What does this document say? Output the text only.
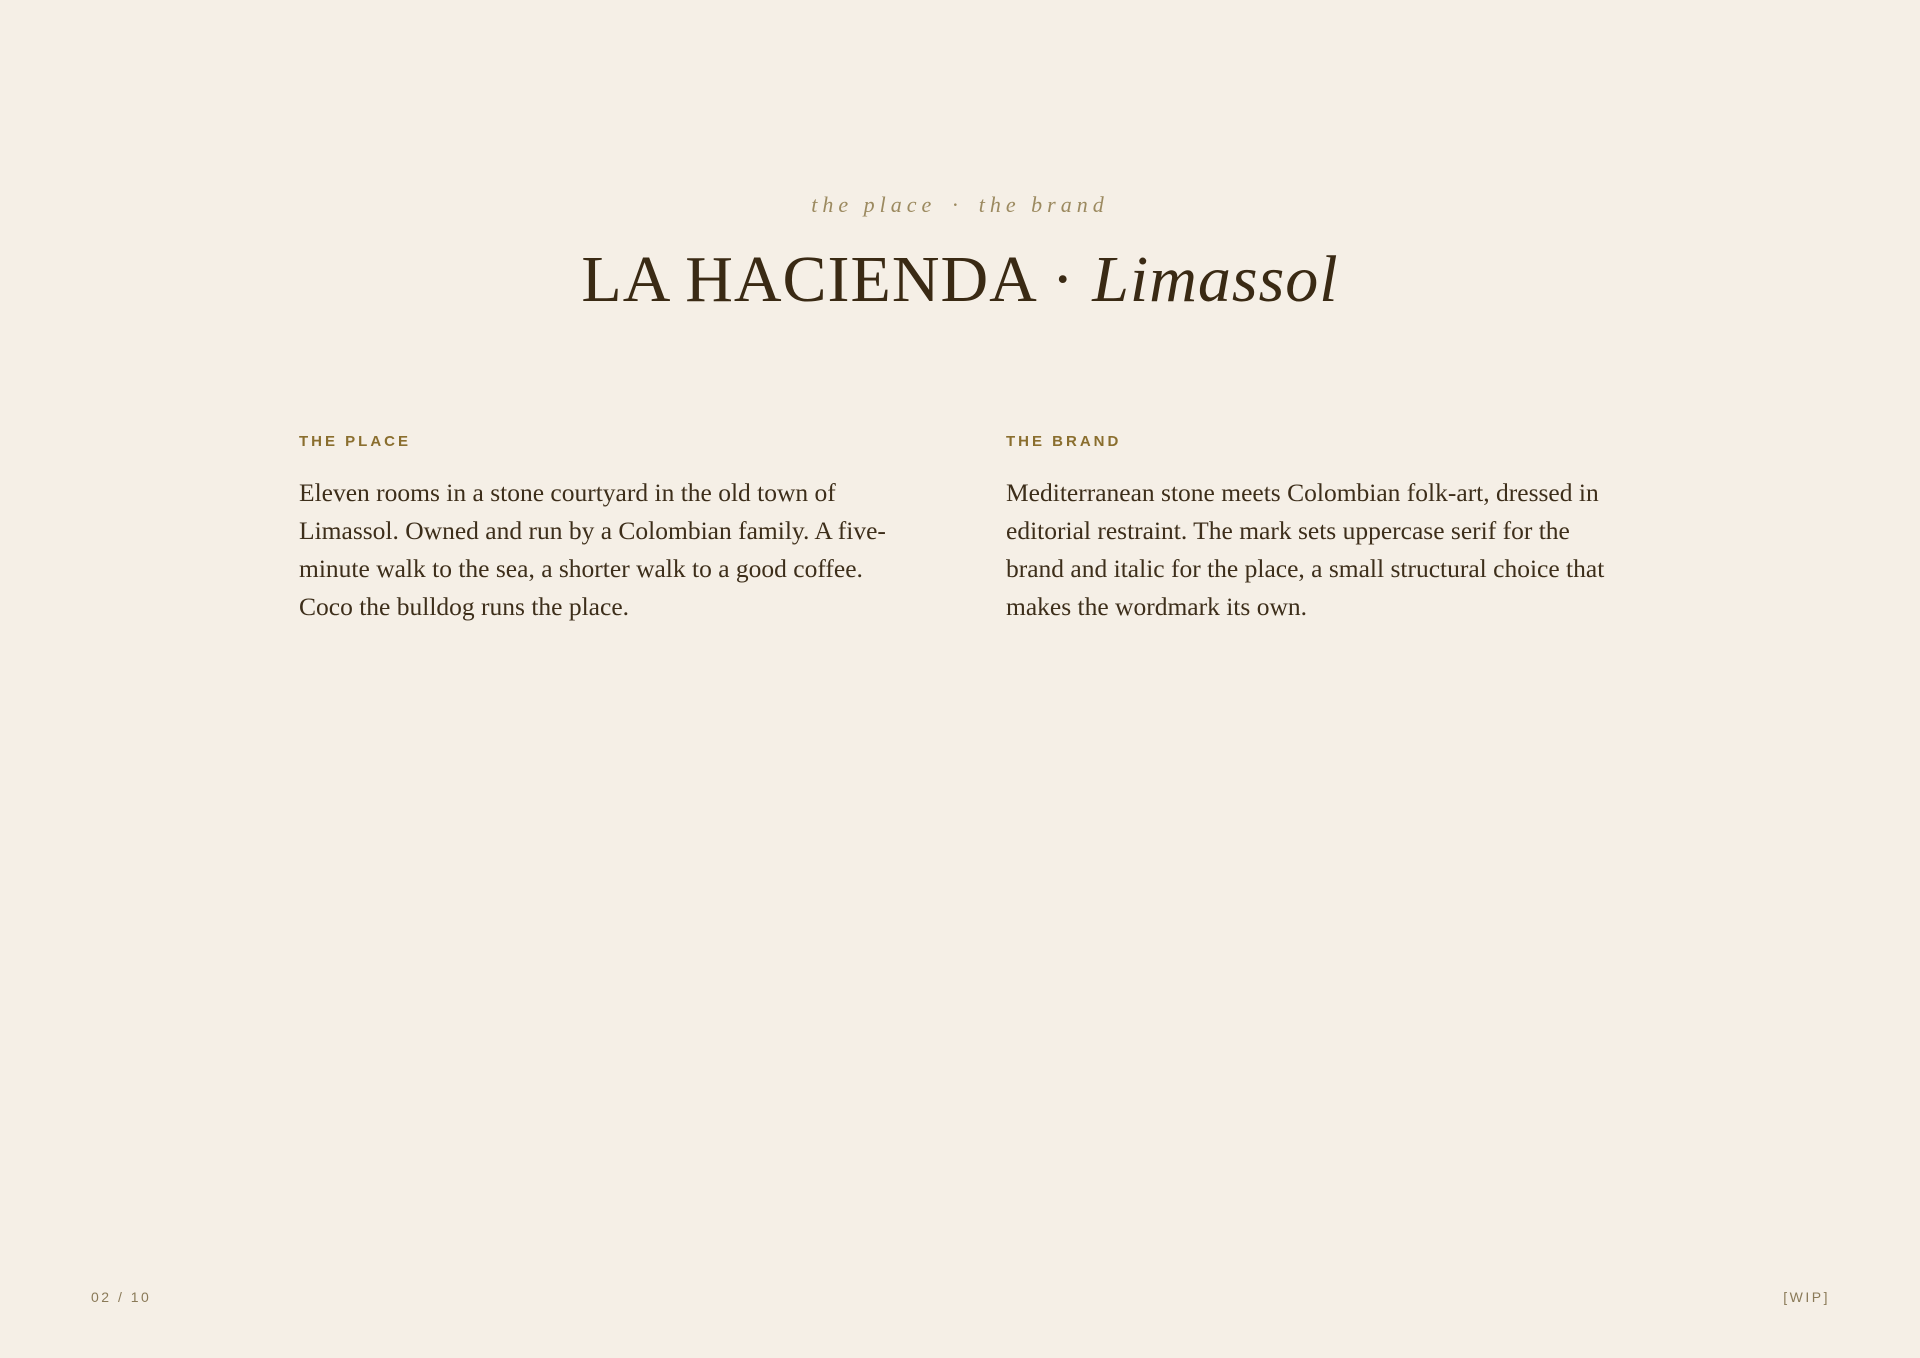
the place · the brand
LA HACIENDA · Limassol

THE PLACE

Eleven rooms in a stone courtyard in the old town of Limassol. Owned and run by a Colombian family. A five-minute walk to the sea, a shorter walk to a good coffee. Coco the bulldog runs the place.

THE BRAND

Mediterranean stone meets Colombian folk-art, dressed in editorial restraint. The mark sets uppercase serif for the brand and italic for the place, a small structural choice that makes the wordmark its own.

02 / 10	[WIP]
